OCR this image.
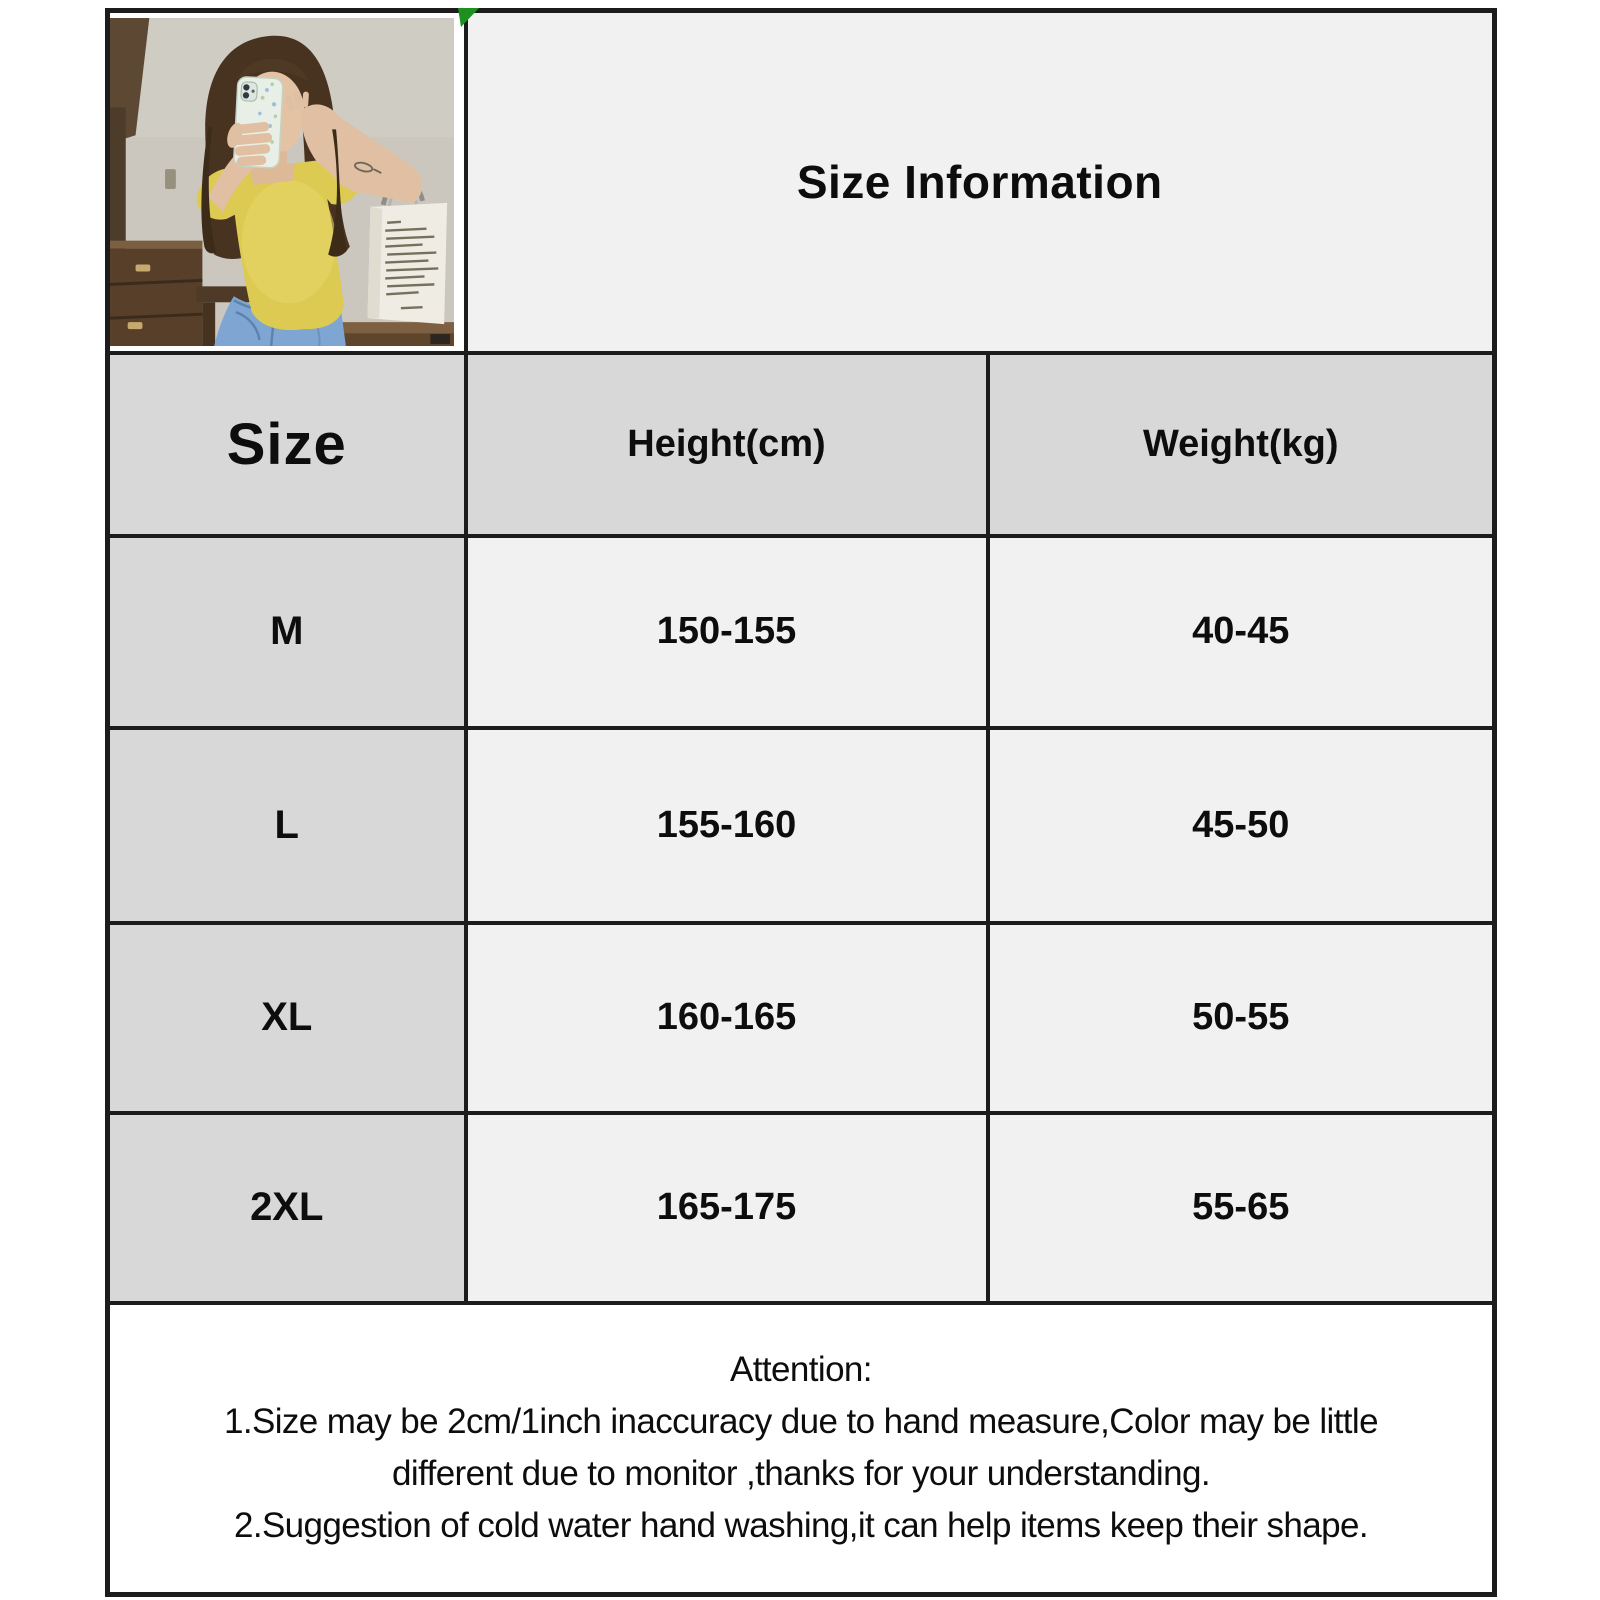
	Size Information	
Size	Height(cm)	Weight(kg)
M	150-155	40-45
L	155-160	45-50
XL	160-165	50-55
2XL	165-175	55-65

Attention:
1.Size may be 2cm/1inch inaccuracy due to hand measure,Color may be little
different due to monitor ,thanks for your understanding.
2.Suggestion of cold water hand washing,it can help items keep their shape.		
